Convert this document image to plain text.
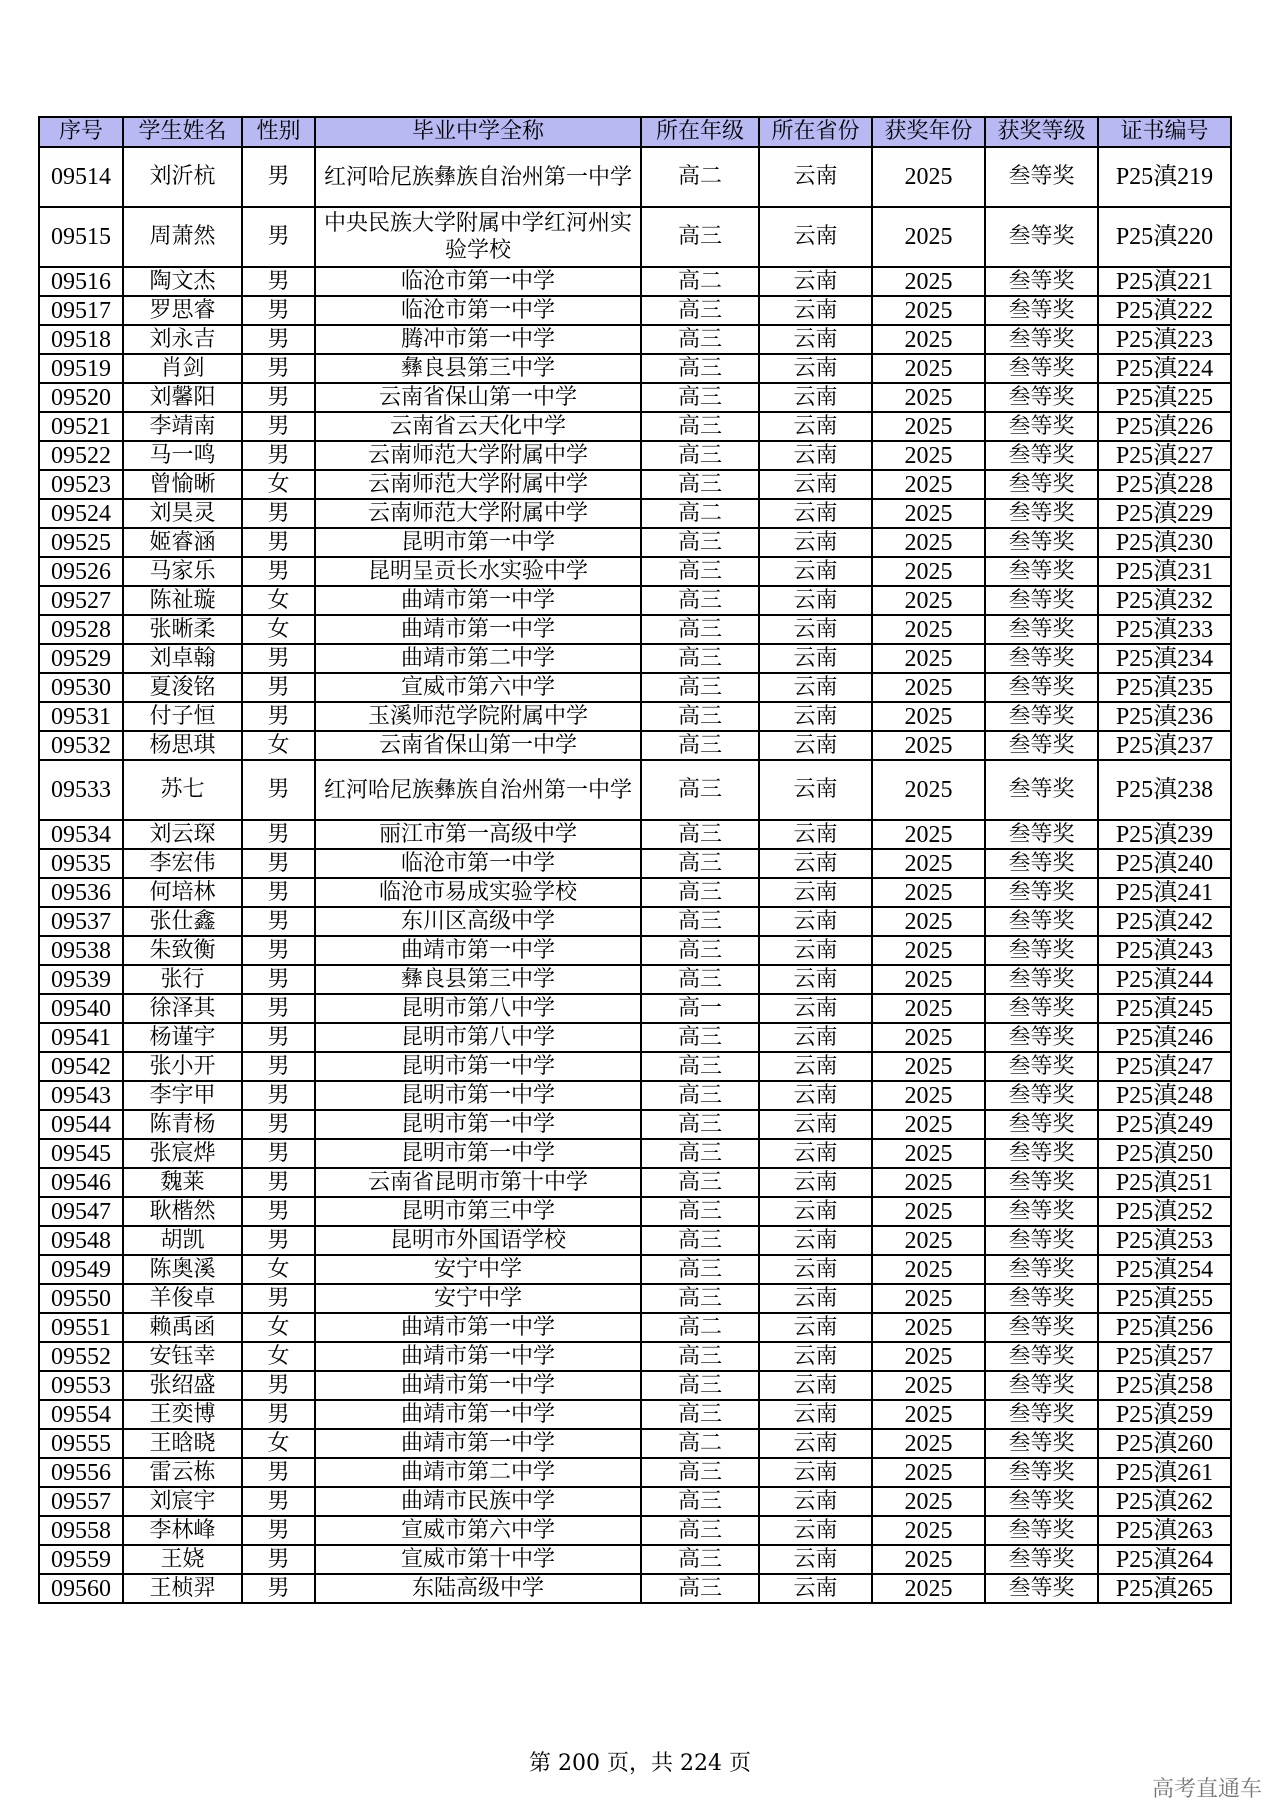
序号	学生姓名	性别	毕业中学全称	所在年级	所在省份	获奖年份	获奖等级	证书编号
09514	刘沂杭	男	红河哈尼族彝族自治州第一中学	高二	云南	2025	叁等奖	P25滇219
09515	周萧然	男	中央民族大学附属中学红河州实验学校	高三	云南	2025	叁等奖	P25滇220
09516	陶文杰	男	临沧市第一中学	高二	云南	2025	叁等奖	P25滇221
09517	罗思睿	男	临沧市第一中学	高三	云南	2025	叁等奖	P25滇222
09518	刘永吉	男	腾冲市第一中学	高三	云南	2025	叁等奖	P25滇223
09519	肖剑	男	彝良县第三中学	高三	云南	2025	叁等奖	P25滇224
09520	刘馨阳	男	云南省保山第一中学	高三	云南	2025	叁等奖	P25滇225
09521	李靖南	男	云南省云天化中学	高三	云南	2025	叁等奖	P25滇226
09522	马一鸣	男	云南师范大学附属中学	高三	云南	2025	叁等奖	P25滇227
09523	曾愉晰	女	云南师范大学附属中学	高三	云南	2025	叁等奖	P25滇228
09524	刘昊灵	男	云南师范大学附属中学	高二	云南	2025	叁等奖	P25滇229
09525	姬睿涵	男	昆明市第一中学	高三	云南	2025	叁等奖	P25滇230
09526	马家乐	男	昆明呈贡长水实验中学	高三	云南	2025	叁等奖	P25滇231
09527	陈祉璇	女	曲靖市第一中学	高三	云南	2025	叁等奖	P25滇232
09528	张晰柔	女	曲靖市第一中学	高三	云南	2025	叁等奖	P25滇233
09529	刘卓翰	男	曲靖市第二中学	高三	云南	2025	叁等奖	P25滇234
09530	夏浚铭	男	宣威市第六中学	高三	云南	2025	叁等奖	P25滇235
09531	付子恒	男	玉溪师范学院附属中学	高三	云南	2025	叁等奖	P25滇236
09532	杨思琪	女	云南省保山第一中学	高三	云南	2025	叁等奖	P25滇237
09533	苏七	男	红河哈尼族彝族自治州第一中学	高三	云南	2025	叁等奖	P25滇238
09534	刘云琛	男	丽江市第一高级中学	高三	云南	2025	叁等奖	P25滇239
09535	李宏伟	男	临沧市第一中学	高三	云南	2025	叁等奖	P25滇240
09536	何培林	男	临沧市易成实验学校	高三	云南	2025	叁等奖	P25滇241
09537	张仕鑫	男	东川区高级中学	高三	云南	2025	叁等奖	P25滇242
09538	朱致衡	男	曲靖市第一中学	高三	云南	2025	叁等奖	P25滇243
09539	张行	男	彝良县第三中学	高三	云南	2025	叁等奖	P25滇244
09540	徐泽其	男	昆明市第八中学	高一	云南	2025	叁等奖	P25滇245
09541	杨谨宇	男	昆明市第八中学	高三	云南	2025	叁等奖	P25滇246
09542	张小开	男	昆明市第一中学	高三	云南	2025	叁等奖	P25滇247
09543	李宇甲	男	昆明市第一中学	高三	云南	2025	叁等奖	P25滇248
09544	陈青杨	男	昆明市第一中学	高三	云南	2025	叁等奖	P25滇249
09545	张宸烨	男	昆明市第一中学	高三	云南	2025	叁等奖	P25滇250
09546	魏莱	男	云南省昆明市第十中学	高三	云南	2025	叁等奖	P25滇251
09547	耿楷然	男	昆明市第三中学	高三	云南	2025	叁等奖	P25滇252
09548	胡凯	男	昆明市外国语学校	高三	云南	2025	叁等奖	P25滇253
09549	陈奥溪	女	安宁中学	高三	云南	2025	叁等奖	P25滇254
09550	羊俊卓	男	安宁中学	高三	云南	2025	叁等奖	P25滇255
09551	赖禹函	女	曲靖市第一中学	高二	云南	2025	叁等奖	P25滇256
09552	安钰幸	女	曲靖市第一中学	高三	云南	2025	叁等奖	P25滇257
09553	张绍盛	男	曲靖市第一中学	高三	云南	2025	叁等奖	P25滇258
09554	王奕博	男	曲靖市第一中学	高三	云南	2025	叁等奖	P25滇259
09555	王晗晓	女	曲靖市第一中学	高二	云南	2025	叁等奖	P25滇260
09556	雷云栋	男	曲靖市第二中学	高三	云南	2025	叁等奖	P25滇261
09557	刘宸宇	男	曲靖市民族中学	高三	云南	2025	叁等奖	P25滇262
09558	李林峰	男	宣威市第六中学	高三	云南	2025	叁等奖	P25滇263
09559	王娆	男	宣威市第十中学	高三	云南	2025	叁等奖	P25滇264
09560	王桢羿	男	东陆高级中学	高三	云南	2025	叁等奖	P25滇265
第 200 页，共 224 页
高考直通车
